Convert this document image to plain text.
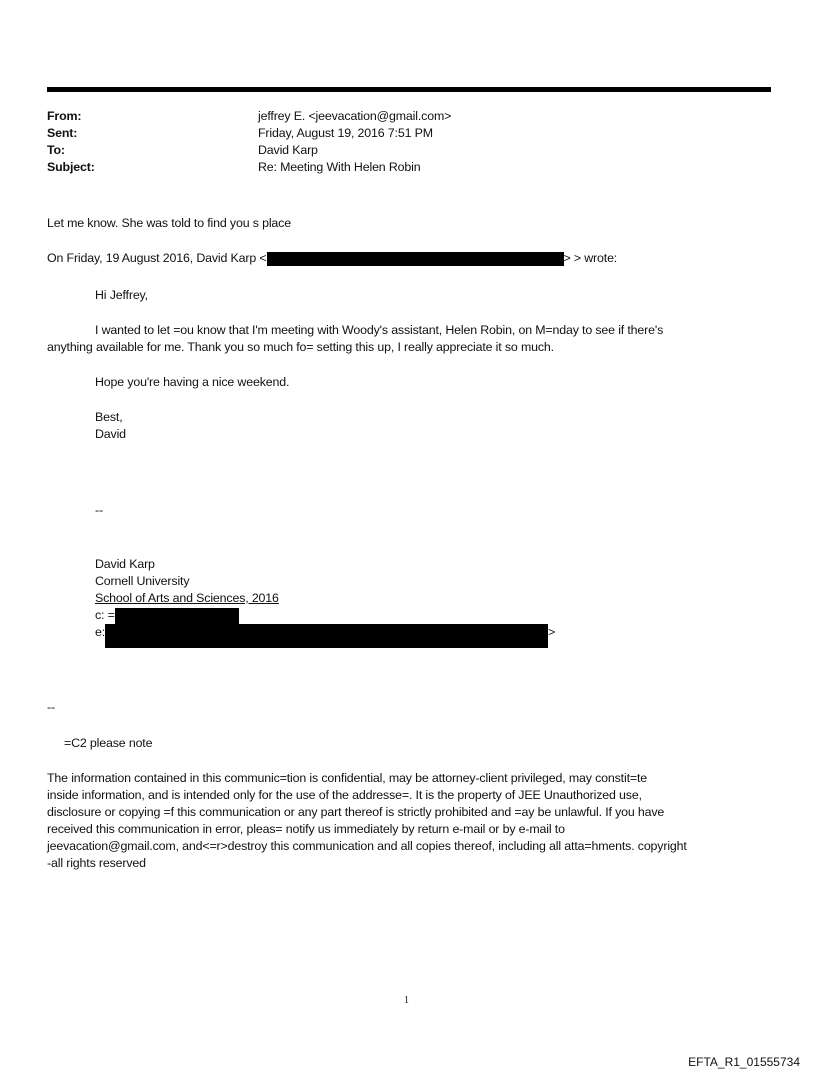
From:	jeffrey E. <jeevacation@gmail.com>
Sent:	Friday, August 19, 2016 7:51 PM
To:	David Karp
Subject:	Re: Meeting With Helen Robin
Let me know. She was told to find you s place
On Friday, 19 August 2016, David Karp <	> > wrote:
Hi Jeffrey,
I wanted to let =ou know that I'm meeting with Woody's assistant, Helen Robin, on M=nday to see if there's
anything available for me. Thank you so much fo= setting this up, I really appreciate it so much.
Hope you're having a nice weekend.
Best,
David
--
David Karp
Cornell University
School of Arts and Sciences, 2016
c: =
e:	>
--
=C2 please note
The information contained in this communic=tion is confidential, may be attorney-client privileged, may constit=te
inside information, and is intended only for the use of the addresse=. It is the property of JEE Unauthorized use,
disclosure or copying =f this communication or any part thereof is strictly prohibited and =ay be unlawful. If you have
received this communication in error, pleas= notify us immediately by return e-mail or by e-mail to
jeevacation@gmail.com, and<=r>destroy this communication and all copies thereof, including all atta=hments. copyright
-all rights reserved
1
EFTA_R1_01555734
